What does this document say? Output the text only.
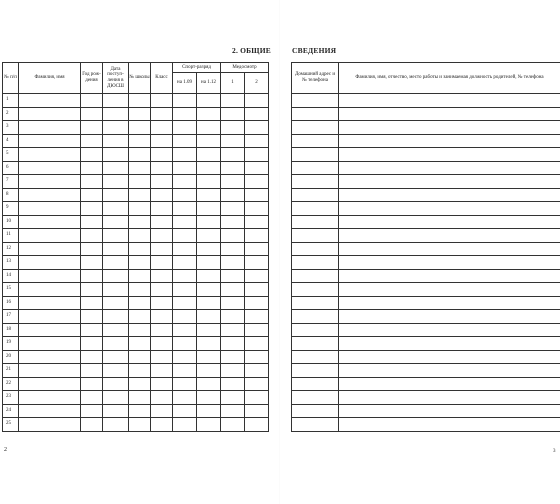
2. ОБЩИЕ	СВЕДЕНИЯ
№ п/п	Фамилия, имя	Год рож- дения	Дата поступ- ления в ДЮСШ	№ школы	Класс	Спорт-разряд		Медосмотр	
						на 1.09	на 1.12	1	2
1									
2									
3									
4									
5									
6									
7									
8									
9									
10									
11									
12									
13									
14									
15									
16									
17									
18									
19									
20									
21									
22									
23									
24									
25									
Домашний адрес и № телефона	Фамилия, имя, отчество, место работы и занимаемая должность родителей, № телефона

2	3
